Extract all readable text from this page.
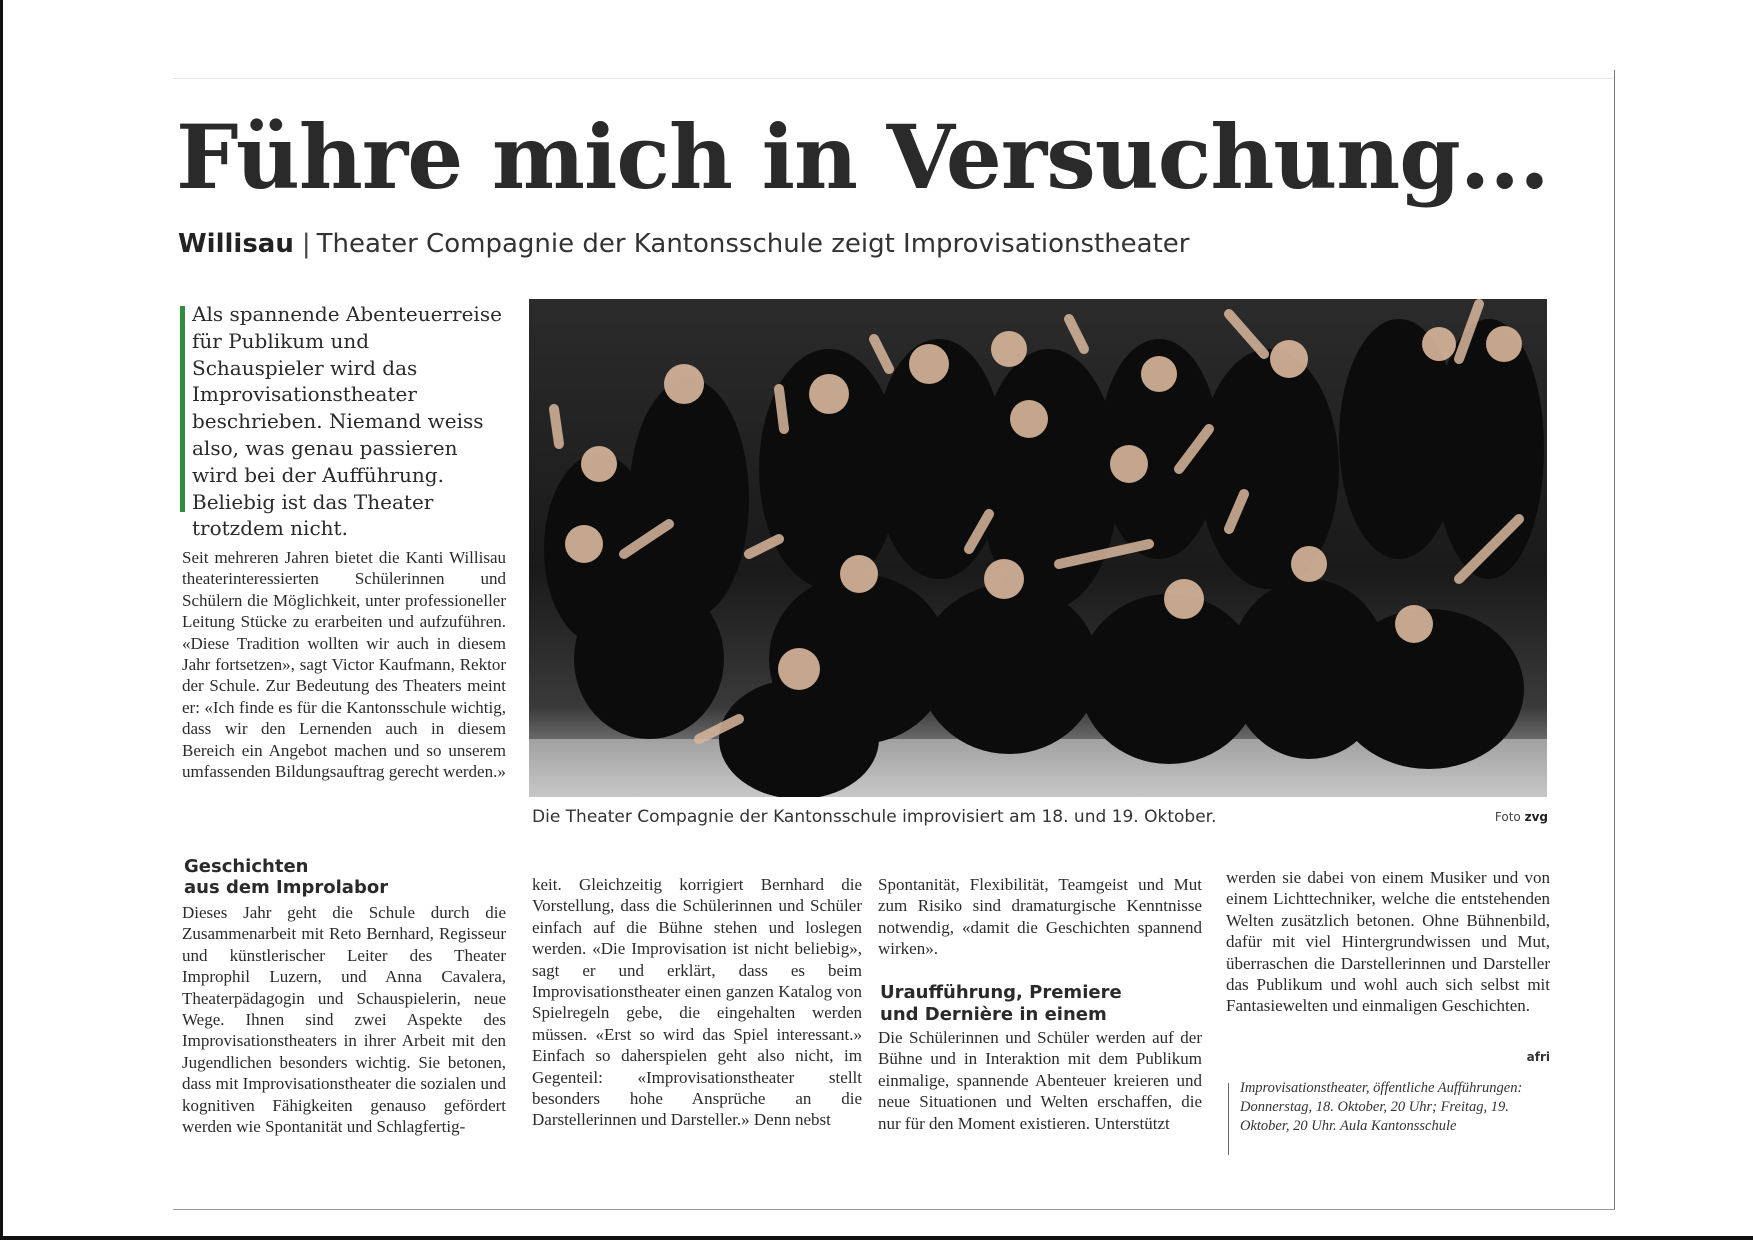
Führe mich in Versuchung...
Willisau | Theater Compagnie der Kantonsschule zeigt Improvisationstheater

Als spannende Abenteuerreise für Publikum und Schauspieler wird das Improvisationstheater beschrieben. Niemand weiss also, was genau passieren wird bei der Aufführung. Beliebig ist das Theater trotzdem nicht.

Seit mehreren Jahren bietet die Kanti Willisau theaterinteressierten Schülerinnen und Schülern die Möglichkeit, unter professioneller Leitung Stücke zu erarbeiten und aufzuführen. «Diese Tradition wollten wir auch in diesem Jahr fortsetzen», sagt Victor Kaufmann, Rektor der Schule. Zur Bedeutung des Theaters meint er: «Ich finde es für die Kantonsschule wichtig, dass wir den Lernenden auch in diesem Bereich ein Angebot machen und so unserem umfassenden Bildungsauftrag gerecht werden.»

Die Theater Compagnie der Kantonsschule improvisiert am 18. und 19. Oktober.	Foto zvg
Geschichten
aus dem Improlabor

Dieses Jahr geht die Schule durch die Zusammenarbeit mit Reto Bernhard, Regisseur und künstlerischer Leiter des Theater Improphil Luzern, und Anna Cavalera, Theaterpädagogin und Schauspielerin, neue Wege. Ihnen sind zwei Aspekte des Improvisationstheaters in ihrer Arbeit mit den Jugendlichen besonders wichtig. Sie betonen, dass mit Improvisationstheater die sozialen und kognitiven Fähigkeiten genauso gefördert werden wie Spontanität und Schlagfertig-

keit. Gleichzeitig korrigiert Bernhard die Vorstellung, dass die Schülerinnen und Schüler einfach auf die Bühne stehen und loslegen werden. «Die Improvisation ist nicht beliebig», sagt er und erklärt, dass es beim Improvisationstheater einen ganzen Katalog von Spielregeln gebe, die eingehalten werden müssen. «Erst so wird das Spiel interessant.» Einfach so daherspielen geht also nicht, im Gegenteil: «Improvisationstheater stellt besonders hohe Ansprüche an die Darstellerinnen und Darsteller.» Denn nebst

Spontanität, Flexibilität, Teamgeist und Mut zum Risiko sind dramaturgische Kenntnisse notwendig, «damit die Geschichten spannend wirken».

Uraufführung, Premiere
und Dernière in einem

Die Schülerinnen und Schüler werden auf der Bühne und in Interaktion mit dem Publikum einmalige, spannende Abenteuer kreieren und neue Situationen und Welten erschaffen, die nur für den Moment existieren. Unterstützt

werden sie dabei von einem Musiker und von einem Lichttechniker, welche die entstehenden Welten zusätzlich betonen. Ohne Bühnenbild, dafür mit viel Hintergrundwissen und Mut, überraschen die Darstellerinnen und Darsteller das Publikum und wohl auch sich selbst mit Fantasiewelten und einmaligen Geschichten.

afri

Improvisationstheater, öffentliche Aufführungen: Donnerstag, 18. Oktober, 20 Uhr; Freitag, 19. Oktober, 20 Uhr. Aula Kantonsschule
